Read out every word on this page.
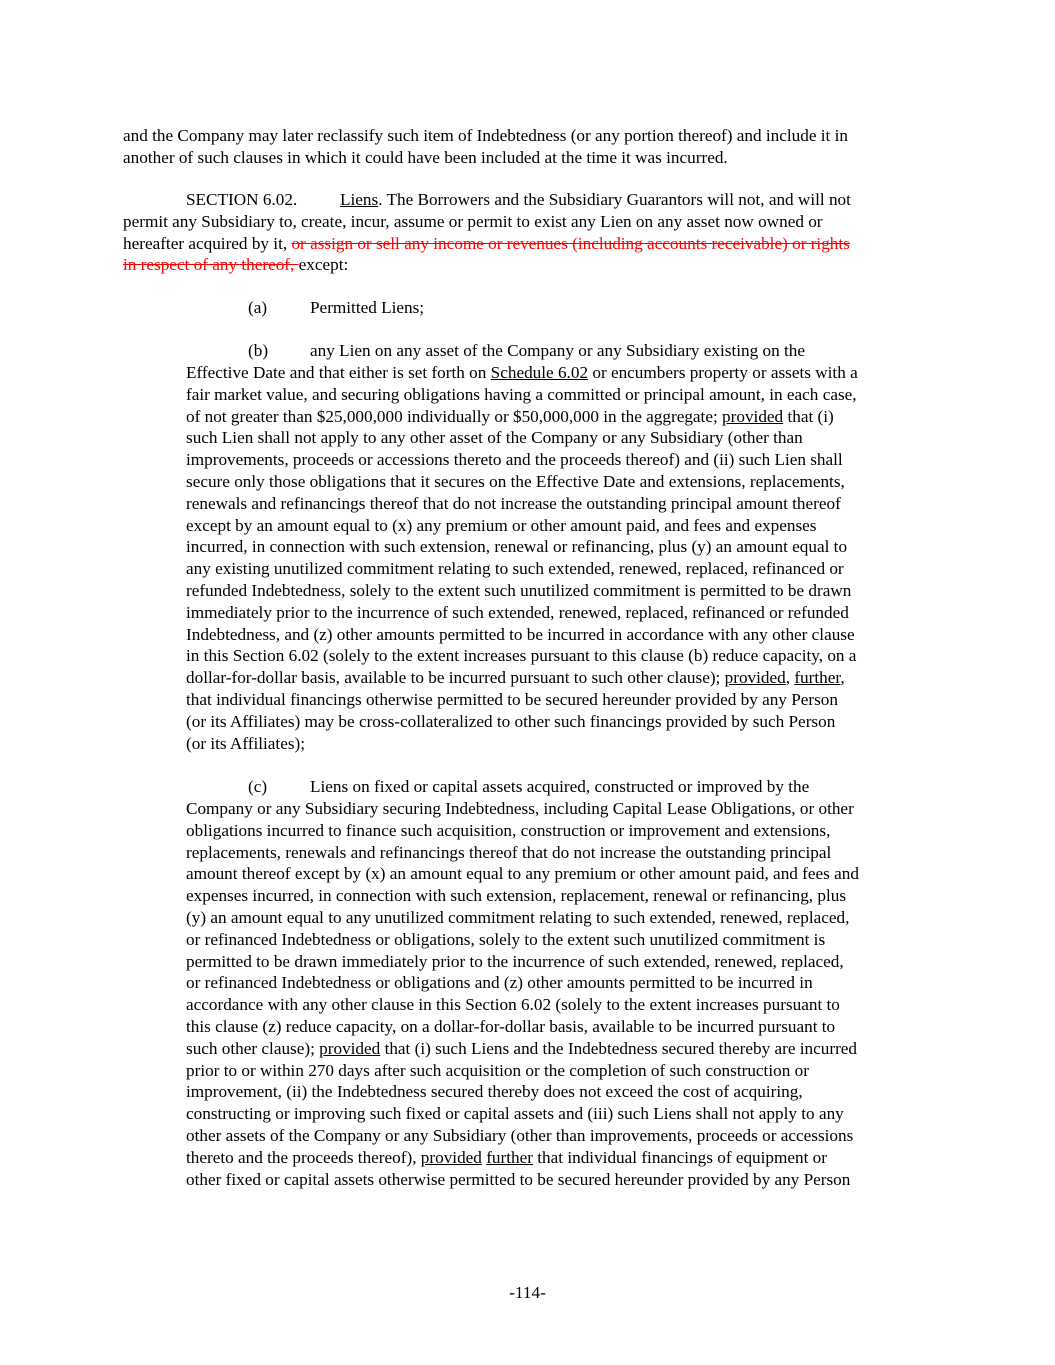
and the Company may later reclassify such item of Indebtedness (or any portion thereof) and include it in
another of such clauses in which it could have been included at the time it was incurred.
SECTION 6.02. Liens. The Borrowers and the Subsidiary Guarantors will not, and will not
permit any Subsidiary to, create, incur, assume or permit to exist any Lien on any asset now owned or
hereafter acquired by it, or assign or sell any income or revenues (including accounts receivable) or rights
in respect of any thereof, except:
(a) Permitted Liens;
(b) any Lien on any asset of the Company or any Subsidiary existing on the
Effective Date and that either is set forth on Schedule 6.02 or encumbers property or assets with a
fair market value, and securing obligations having a committed or principal amount, in each case,
of not greater than $25,000,000 individually or $50,000,000 in the aggregate; provided that (i)
such Lien shall not apply to any other asset of the Company or any Subsidiary (other than
improvements, proceeds or accessions thereto and the proceeds thereof) and (ii) such Lien shall
secure only those obligations that it secures on the Effective Date and extensions, replacements,
renewals and refinancings thereof that do not increase the outstanding principal amount thereof
except by an amount equal to (x) any premium or other amount paid, and fees and expenses
incurred, in connection with such extension, renewal or refinancing, plus (y) an amount equal to
any existing unutilized commitment relating to such extended, renewed, replaced, refinanced or
refunded Indebtedness, solely to the extent such unutilized commitment is permitted to be drawn
immediately prior to the incurrence of such extended, renewed, replaced, refinanced or refunded
Indebtedness, and (z) other amounts permitted to be incurred in accordance with any other clause
in this Section 6.02 (solely to the extent increases pursuant to this clause (b) reduce capacity, on a
dollar-for-dollar basis, available to be incurred pursuant to such other clause); provided, further,
that individual financings otherwise permitted to be secured hereunder provided by any Person
(or its Affiliates) may be cross-collateralized to other such financings provided by such Person
(or its Affiliates);
(c) Liens on fixed or capital assets acquired, constructed or improved by the
Company or any Subsidiary securing Indebtedness, including Capital Lease Obligations, or other
obligations incurred to finance such acquisition, construction or improvement and extensions,
replacements, renewals and refinancings thereof that do not increase the outstanding principal
amount thereof except by (x) an amount equal to any premium or other amount paid, and fees and
expenses incurred, in connection with such extension, replacement, renewal or refinancing, plus
(y) an amount equal to any unutilized commitment relating to such extended, renewed, replaced,
or refinanced Indebtedness or obligations, solely to the extent such unutilized commitment is
permitted to be drawn immediately prior to the incurrence of such extended, renewed, replaced,
or refinanced Indebtedness or obligations and (z) other amounts permitted to be incurred in
accordance with any other clause in this Section 6.02 (solely to the extent increases pursuant to
this clause (z) reduce capacity, on a dollar-for-dollar basis, available to be incurred pursuant to
such other clause); provided that (i) such Liens and the Indebtedness secured thereby are incurred
prior to or within 270 days after such acquisition or the completion of such construction or
improvement, (ii) the Indebtedness secured thereby does not exceed the cost of acquiring,
constructing or improving such fixed or capital assets and (iii) such Liens shall not apply to any
other assets of the Company or any Subsidiary (other than improvements, proceeds or accessions
thereto and the proceeds thereof), provided further that individual financings of equipment or
other fixed or capital assets otherwise permitted to be secured hereunder provided by any Person
-114-
